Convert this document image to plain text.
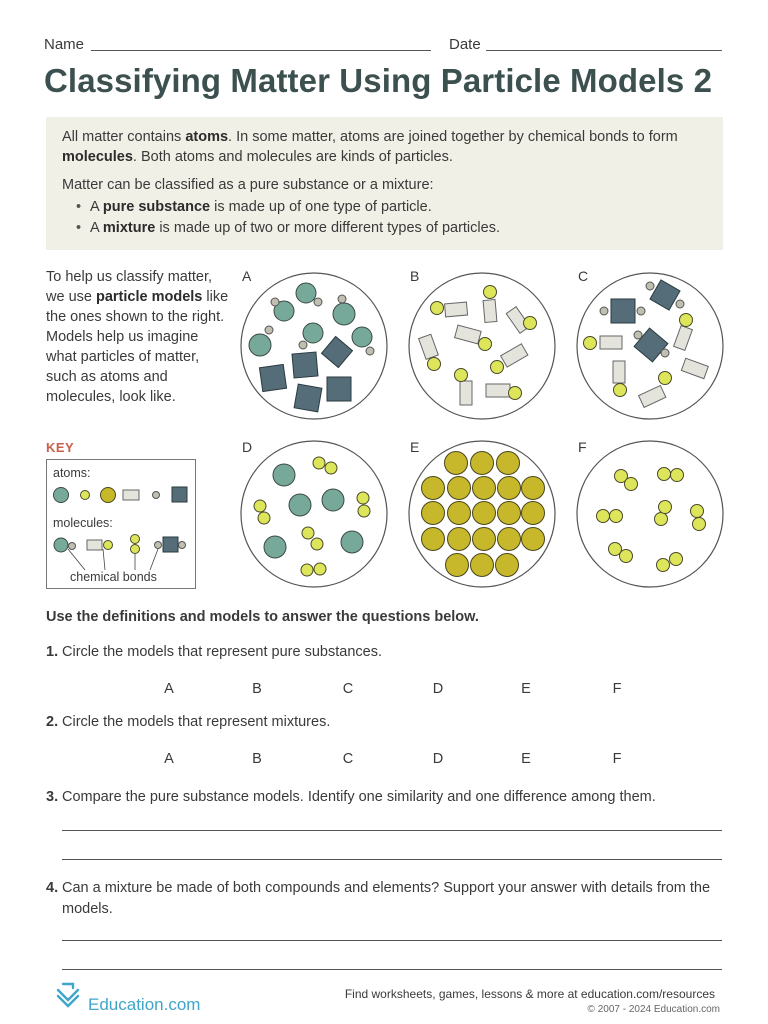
Name	Date
Classifying Matter Using Particle Models 2

All matter contains atoms. In some matter, atoms are joined together by chemical bonds to form molecules. Both atoms and molecules are kinds of particles.

Matter can be classified as a pure substance or a mixture:

• A pure substance is made up of one type of particle.
• A mixture is made up of two or more different types of particles.
To help us classify matter, we use particle models like the ones shown to the right. Models help us imagine what particles of matter, such as atoms and molecules, look like.
KEY
atoms:
molecules:
chemical bonds
A	B	C
D	E	F
Use the definitions and models to answer the questions below.
1. Circle the models that represent pure substances.
A	B	C	D	E	F
2. Circle the models that represent mixtures.
A	B	C	D	E	F
3. Compare the pure substance models. Identify one similarity and one difference among them.
4. Can a mixture be made of both compounds and elements? Support your answer with details from the models.
Education.com
Find worksheets, games, lessons & more at education.com/resources
© 2007 - 2024 Education.com
